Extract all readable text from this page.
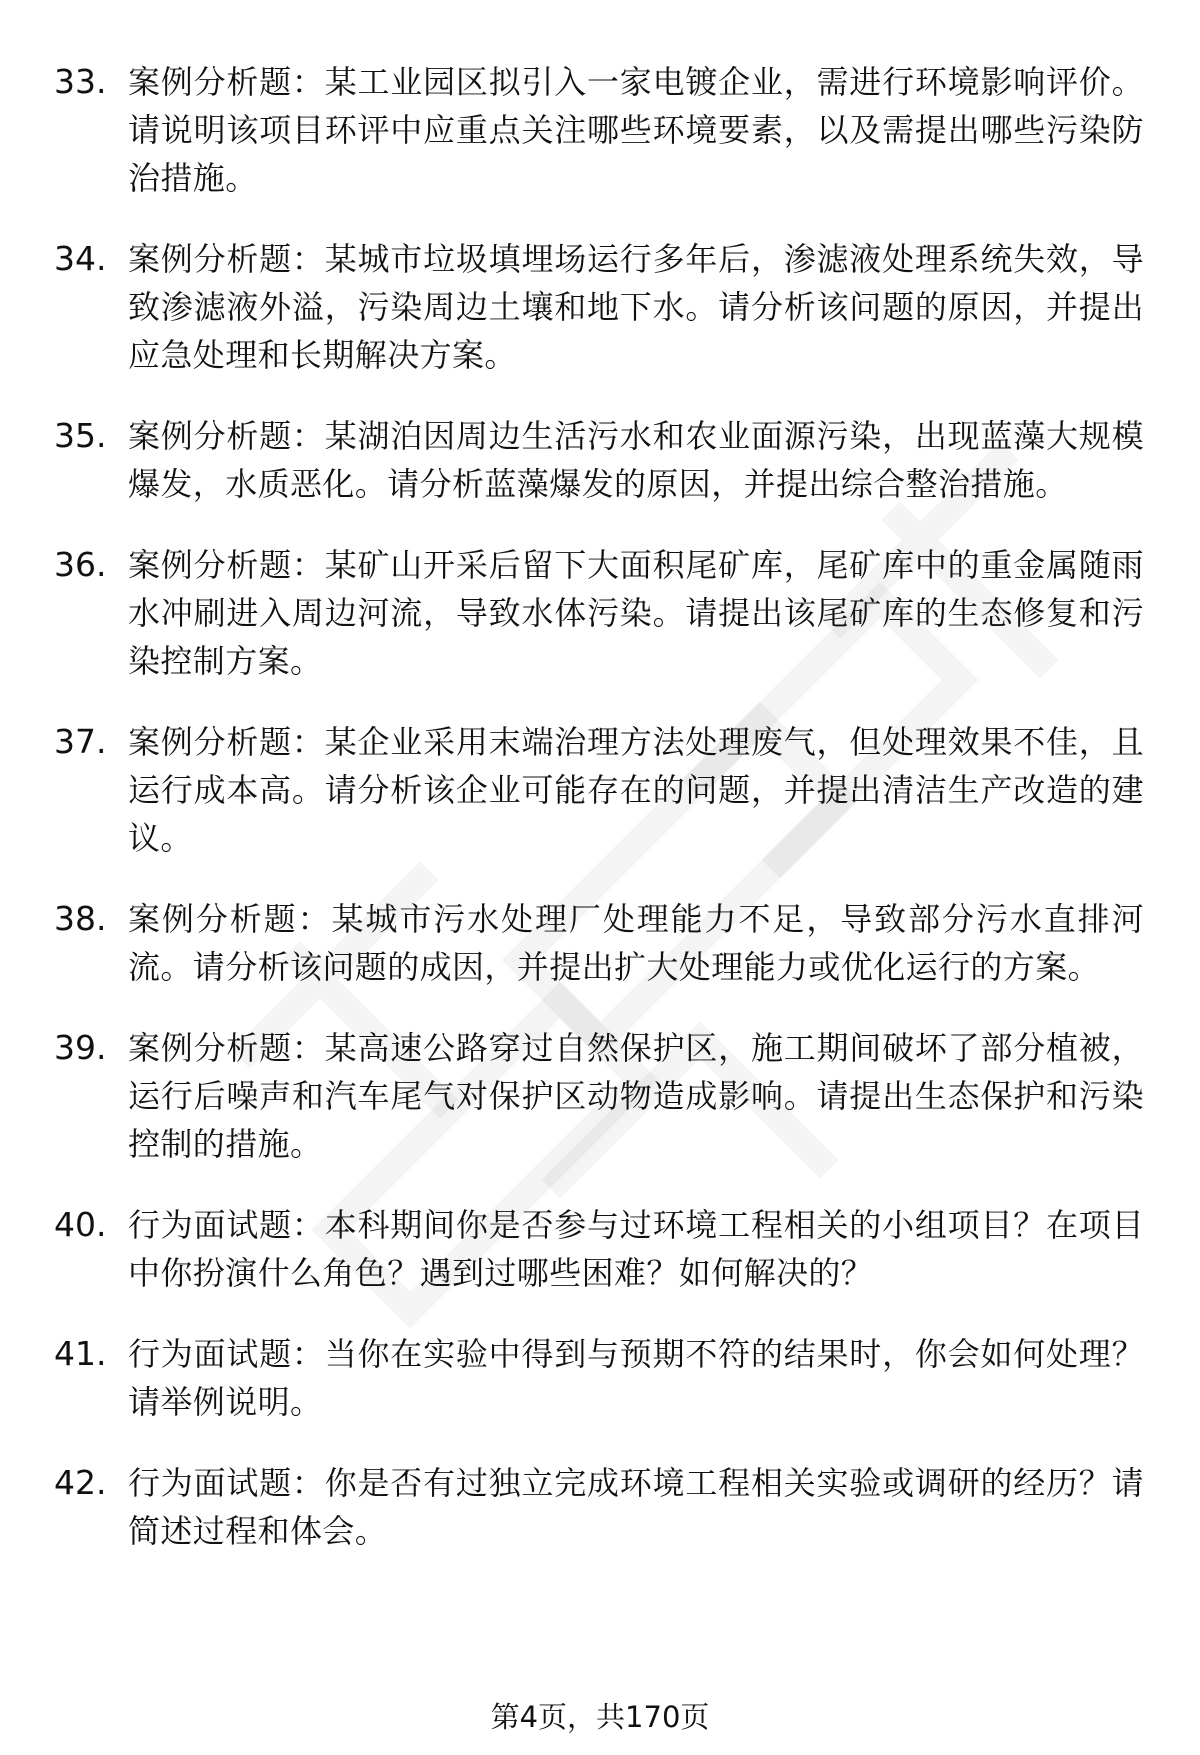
33. 案例分析题：某工业园区拟引入一家电镀企业，需进行环境影响评价。请说明该项目环评中应重点关注哪些环境要素，以及需提出哪些污染防治措施。
34. 案例分析题：某城市垃圾填埋场运行多年后，渗滤液处理系统失效，导致渗滤液外溢，污染周边土壤和地下水。请分析该问题的原因，并提出应急处理和长期解决方案。
35. 案例分析题：某湖泊因周边生活污水和农业面源污染，出现蓝藻大规模爆发，水质恶化。请分析蓝藻爆发的原因，并提出综合整治措施。
36. 案例分析题：某矿山开采后留下大面积尾矿库，尾矿库中的重金属随雨水冲刷进入周边河流，导致水体污染。请提出该尾矿库的生态修复和污染控制方案。
37. 案例分析题：某企业采用末端治理方法处理废气，但处理效果不佳，且运行成本高。请分析该企业可能存在的问题，并提出清洁生产改造的建议。
38. 案例分析题：某城市污水处理厂处理能力不足，导致部分污水直排河流。请分析该问题的成因，并提出扩大处理能力或优化运行的方案。
39. 案例分析题：某高速公路穿过自然保护区，施工期间破坏了部分植被，运行后噪声和汽车尾气对保护区动物造成影响。请提出生态保护和污染控制的措施。
40. 行为面试题：本科期间你是否参与过环境工程相关的小组项目？在项目中你扮演什么角色？遇到过哪些困难？如何解决的？
41. 行为面试题：当你在实验中得到与预期不符的结果时，你会如何处理？请举例说明。
42. 行为面试题：你是否有过独立完成环境工程相关实验或调研的经历？请简述过程和体会。
第4页，共170页
